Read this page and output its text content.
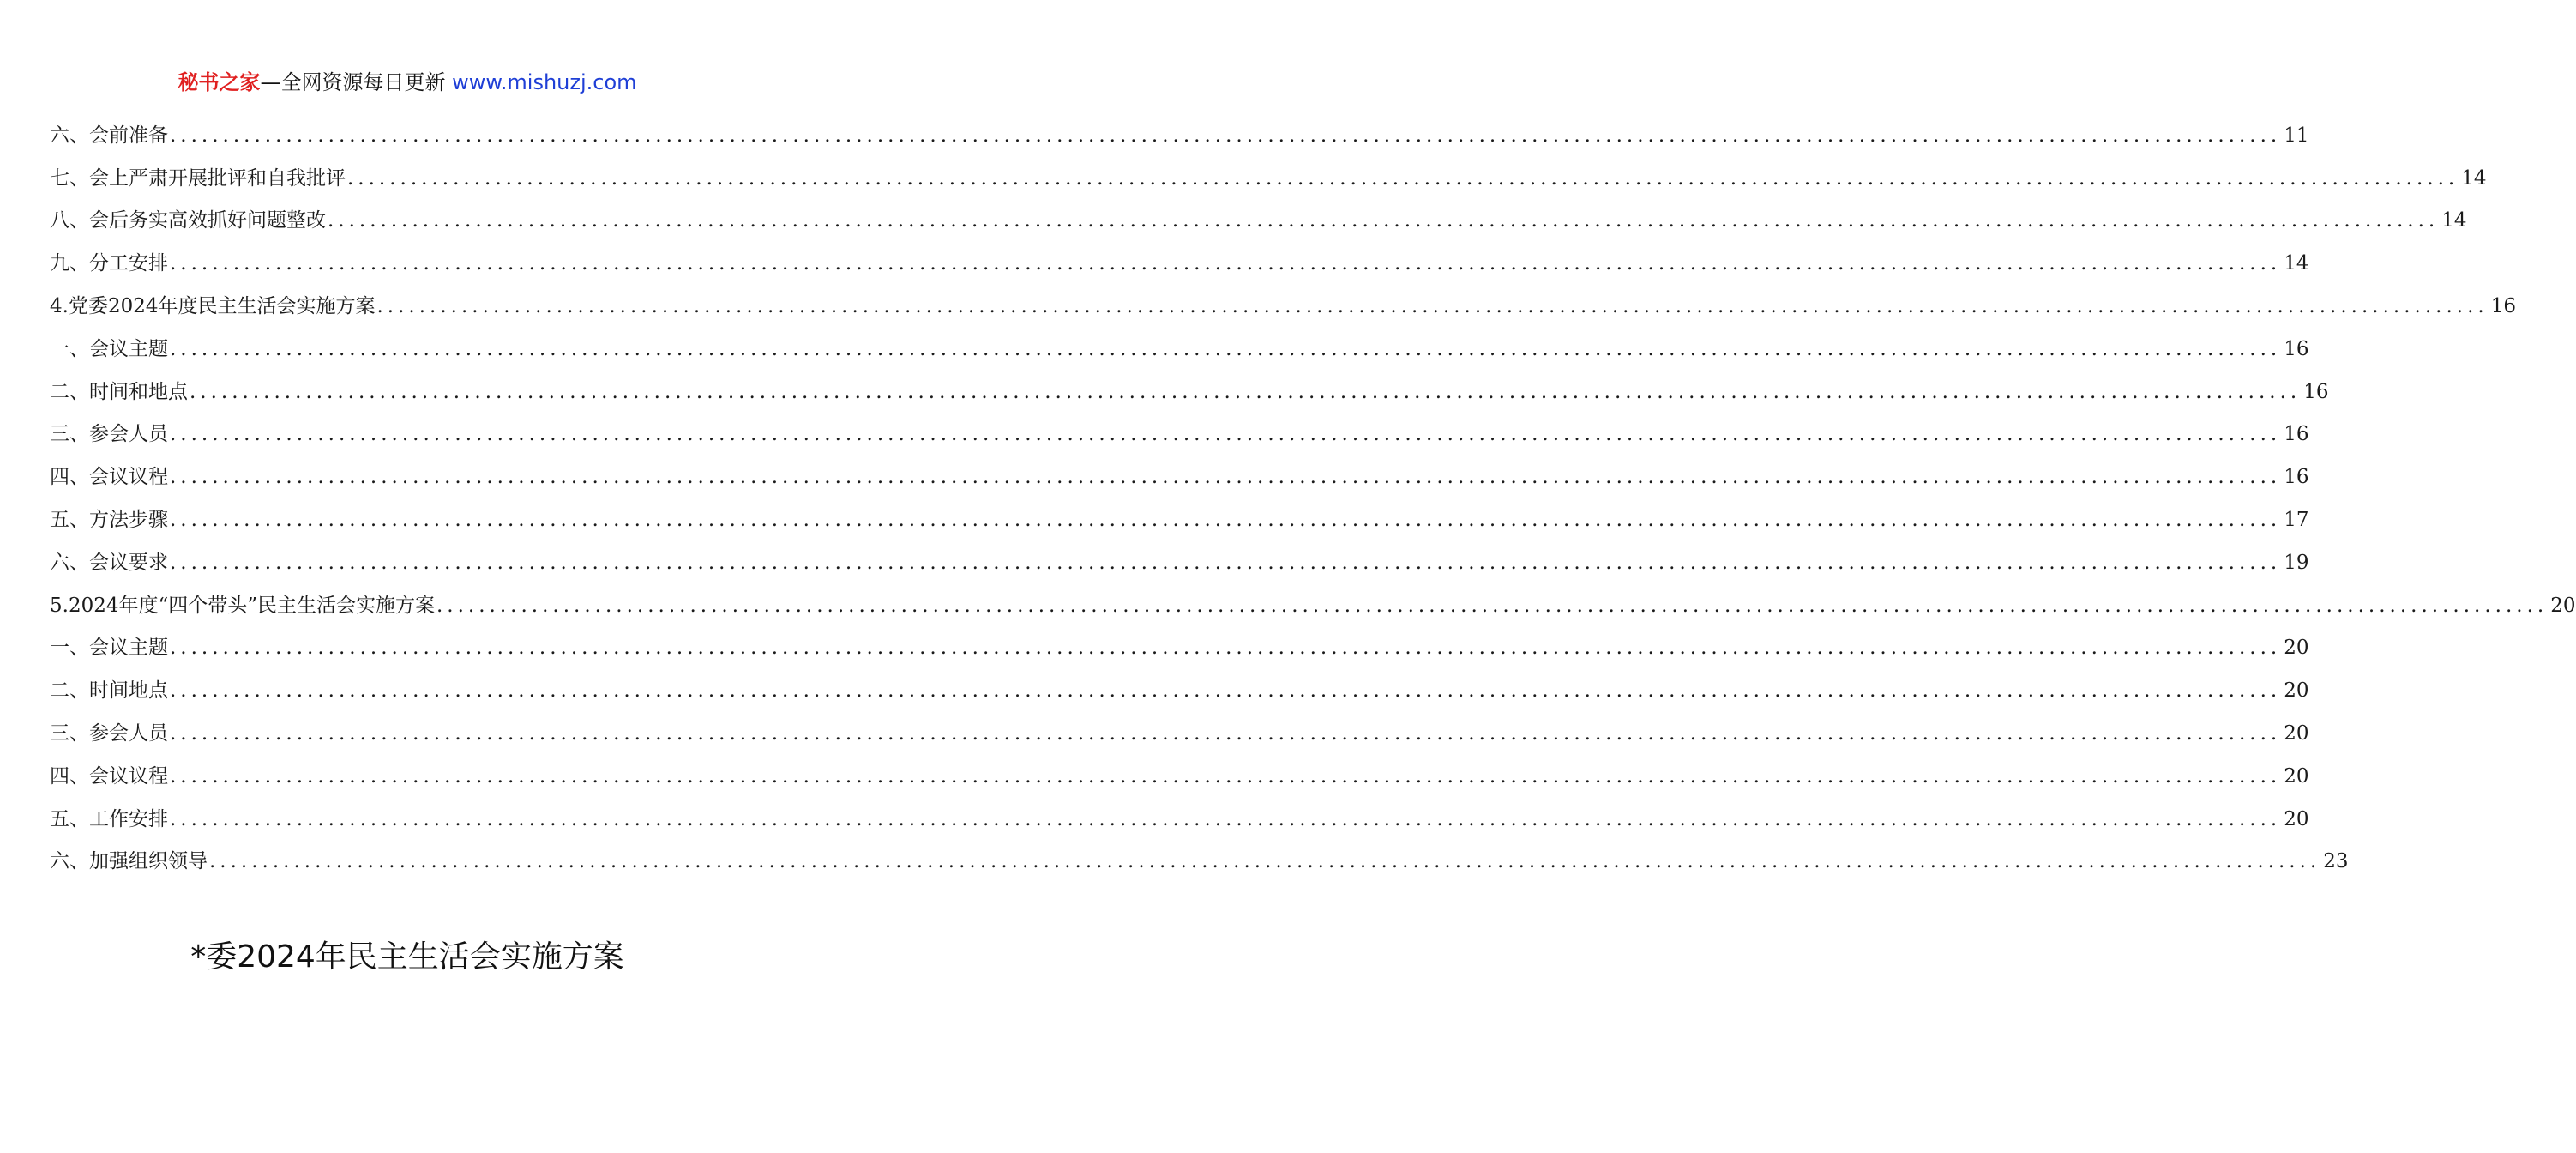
秘书之家—全网资源每日更新 www.mishuzj.com
六、会前准备 ........................................................................................................................................................................................................ 11
七、会上严肃开展批评和自我批评 ........................................................................................................................................................................................................ 14
八、会后务实高效抓好问题整改 ........................................................................................................................................................................................................ 14
九、分工安排 ........................................................................................................................................................................................................ 14
4.党委2024年度民主生活会实施方案 ........................................................................................................................................................................................................ 16
一、会议主题 ........................................................................................................................................................................................................ 16
二、时间和地点 ........................................................................................................................................................................................................ 16
三、参会人员 ........................................................................................................................................................................................................ 16
四、会议议程 ........................................................................................................................................................................................................ 16
五、方法步骤 ........................................................................................................................................................................................................ 17
六、会议要求 ........................................................................................................................................................................................................ 19
5.2024年度“四个带头”民主生活会实施方案 ........................................................................................................................................................................................................ 20
一、会议主题 ........................................................................................................................................................................................................ 20
二、时间地点 ........................................................................................................................................................................................................ 20
三、参会人员 ........................................................................................................................................................................................................ 20
四、会议议程 ........................................................................................................................................................................................................ 20
五、工作安排 ........................................................................................................................................................................................................ 20
六、加强组织领导 ........................................................................................................................................................................................................ 23
*委2024年民主生活会实施方案
